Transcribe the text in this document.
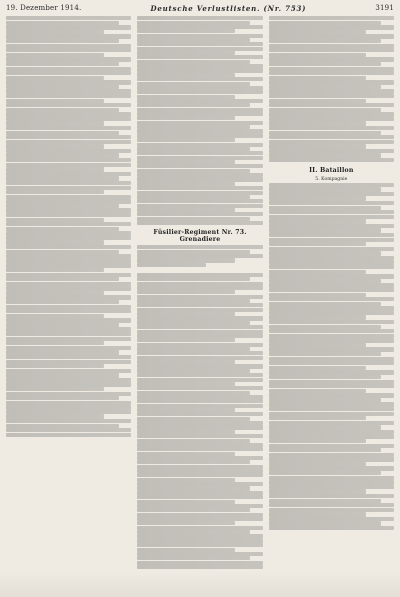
19. Dezember 1914.	Deutsche Verlustlisten. (Nr. 753)	3191
Füsilier-Regiment Nr. 73. Grenadiere
II. Bataillon
5. Kompagnie
